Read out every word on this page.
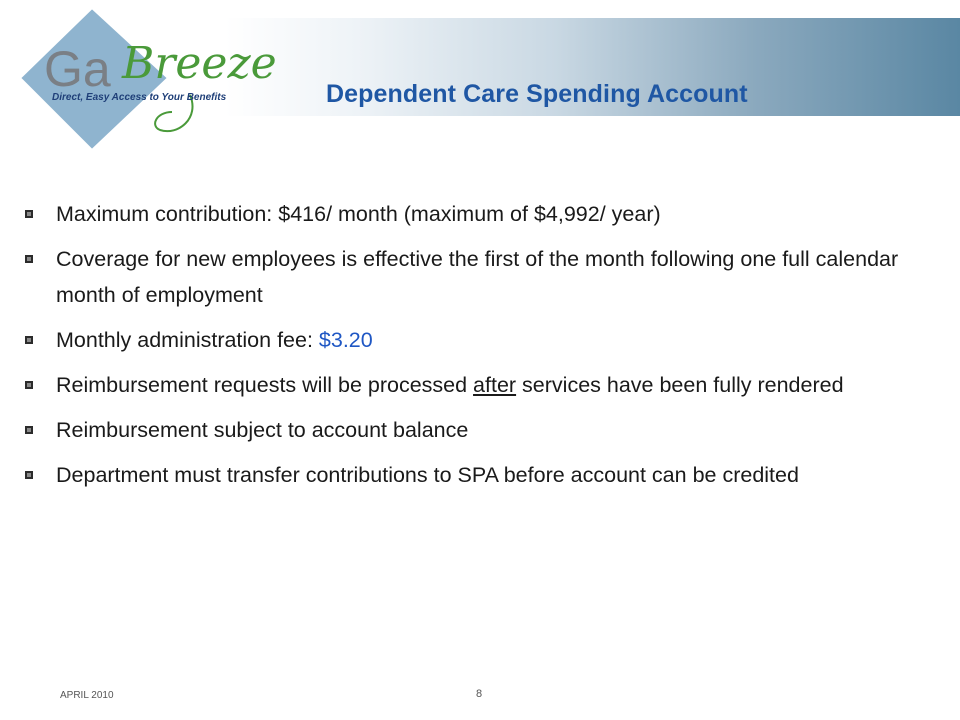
Ga Breeze
Direct, Easy Access to Your Benefits	Dependent Care Spending Account
Maximum contribution: $416/ month (maximum of $4,992/ year)
Coverage for new employees is effective the first of the month following one full calendar month of employment
Monthly administration fee: $3.20
Reimbursement requests will be processed after services have been fully rendered
Reimbursement subject to account balance
Department must transfer contributions to SPA before account can be credited
APRIL 2010	8
